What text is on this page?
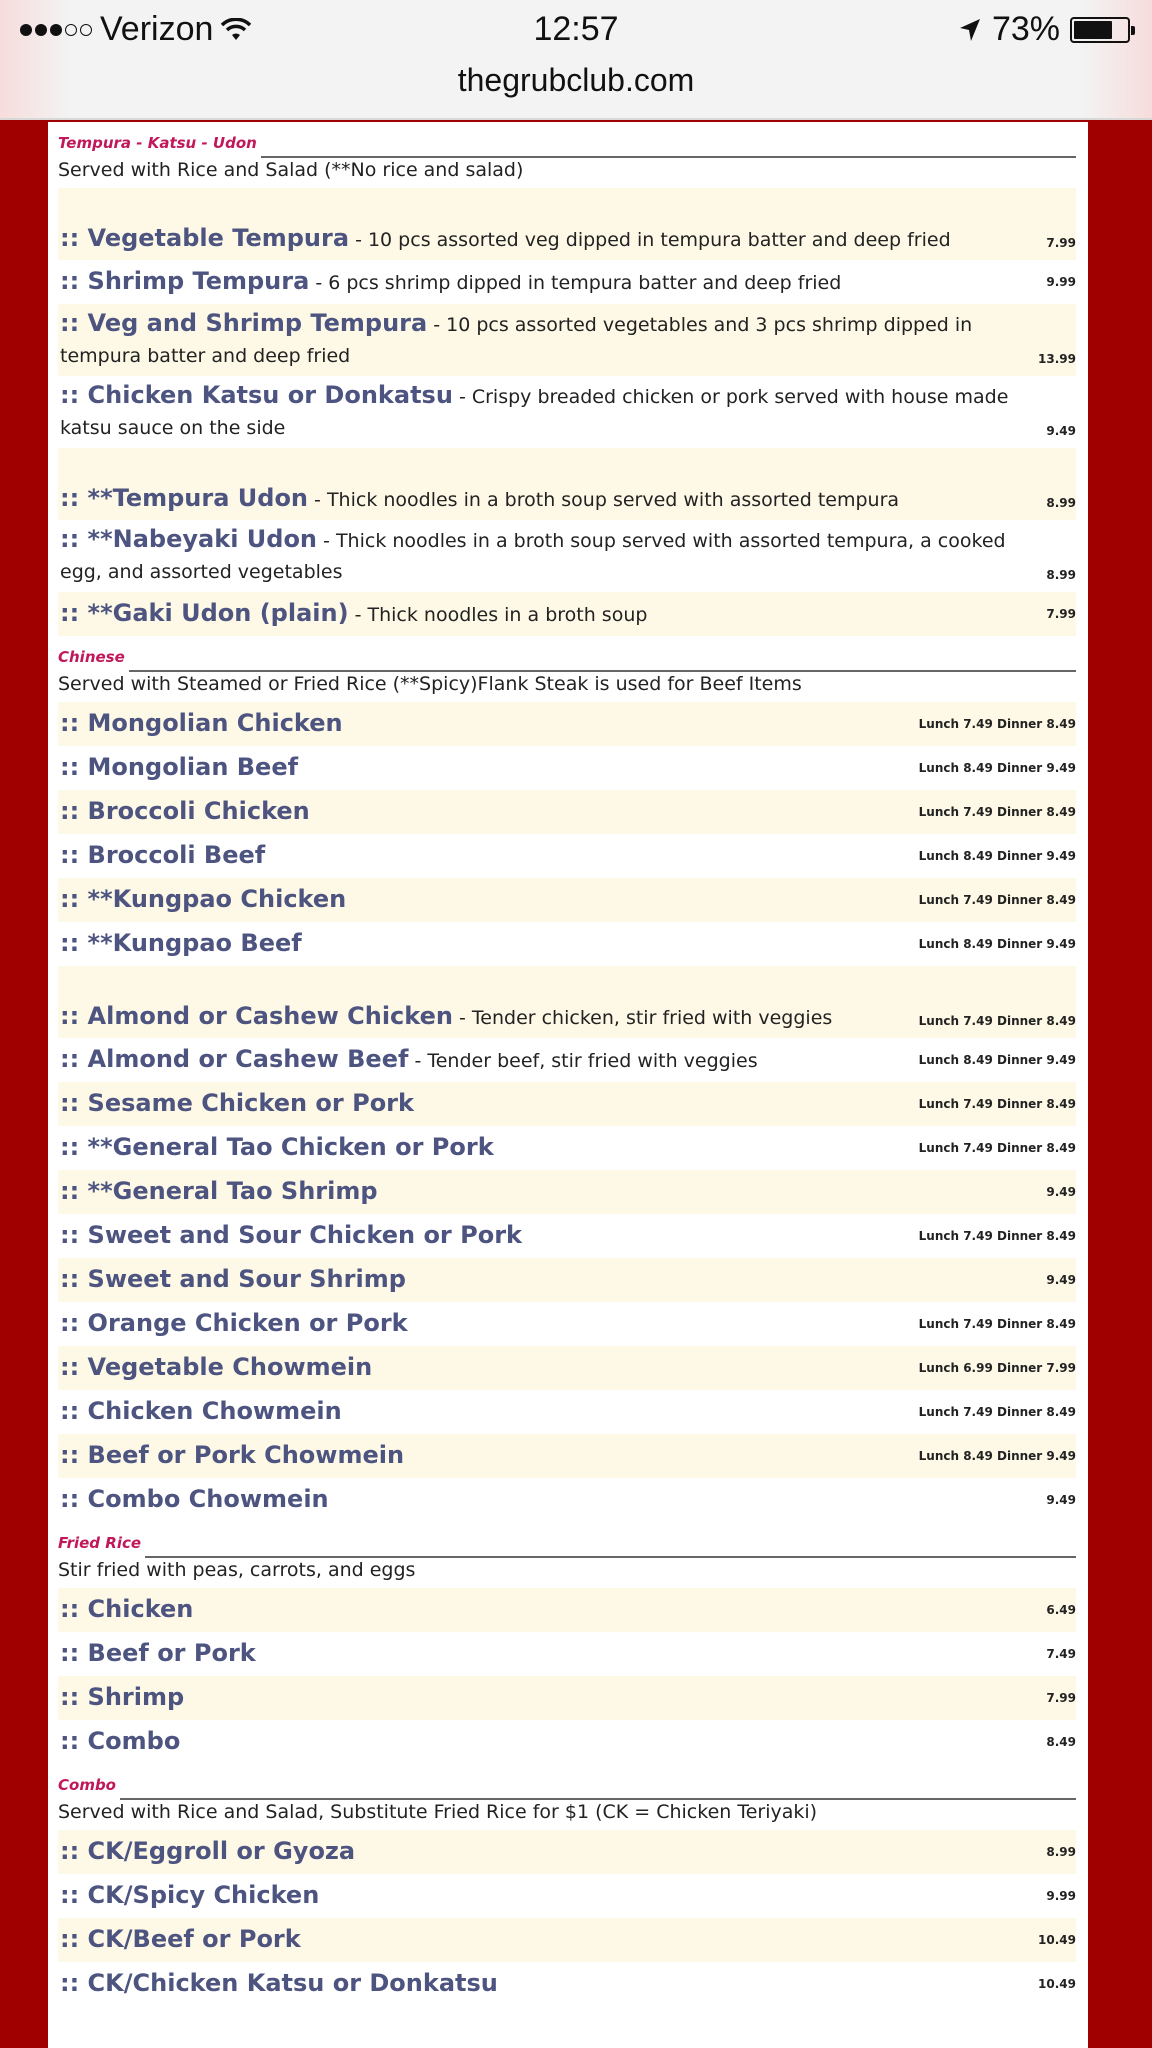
Verizon	12:57	73%
thegrubclub.com
Tempura - Katsu - Udon
Served with Rice and Salad (**No rice and salad)
:: Vegetable Tempura - 10 pcs assorted veg dipped in tempura batter and deep fried	7.99
:: Shrimp Tempura - 6 pcs shrimp dipped in tempura batter and deep fried	9.99
:: Veg and Shrimp Tempura - 10 pcs assorted vegetables and 3 pcs shrimp dipped in tempura batter and deep fried	13.99
:: Chicken Katsu or Donkatsu - Crispy breaded chicken or pork served with house made katsu sauce on the side	9.49
:: **Tempura Udon - Thick noodles in a broth soup served with assorted tempura	8.99
:: **Nabeyaki Udon - Thick noodles in a broth soup served with assorted tempura, a cooked egg, and assorted vegetables	8.99
:: **Gaki Udon (plain) - Thick noodles in a broth soup	7.99
Chinese
Served with Steamed or Fried Rice (**Spicy)Flank Steak is used for Beef Items
:: Mongolian Chicken	Lunch 7.49 Dinner 8.49
:: Mongolian Beef	Lunch 8.49 Dinner 9.49
:: Broccoli Chicken	Lunch 7.49 Dinner 8.49
:: Broccoli Beef	Lunch 8.49 Dinner 9.49
:: **Kungpao Chicken	Lunch 7.49 Dinner 8.49
:: **Kungpao Beef	Lunch 8.49 Dinner 9.49
:: Almond or Cashew Chicken - Tender chicken, stir fried with veggies	Lunch 7.49 Dinner 8.49
:: Almond or Cashew Beef - Tender beef, stir fried with veggies	Lunch 8.49 Dinner 9.49
:: Sesame Chicken or Pork	Lunch 7.49 Dinner 8.49
:: **General Tao Chicken or Pork	Lunch 7.49 Dinner 8.49
:: **General Tao Shrimp	9.49
:: Sweet and Sour Chicken or Pork	Lunch 7.49 Dinner 8.49
:: Sweet and Sour Shrimp	9.49
:: Orange Chicken or Pork	Lunch 7.49 Dinner 8.49
:: Vegetable Chowmein	Lunch 6.99 Dinner 7.99
:: Chicken Chowmein	Lunch 7.49 Dinner 8.49
:: Beef or Pork Chowmein	Lunch 8.49 Dinner 9.49
:: Combo Chowmein	9.49
Fried Rice
Stir fried with peas, carrots, and eggs
:: Chicken	6.49
:: Beef or Pork	7.49
:: Shrimp	7.99
:: Combo	8.49
Combo
Served with Rice and Salad, Substitute Fried Rice for $1 (CK = Chicken Teriyaki)
:: CK/Eggroll or Gyoza	8.99
:: CK/Spicy Chicken	9.99
:: CK/Beef or Pork	10.49
:: CK/Chicken Katsu or Donkatsu	10.49
